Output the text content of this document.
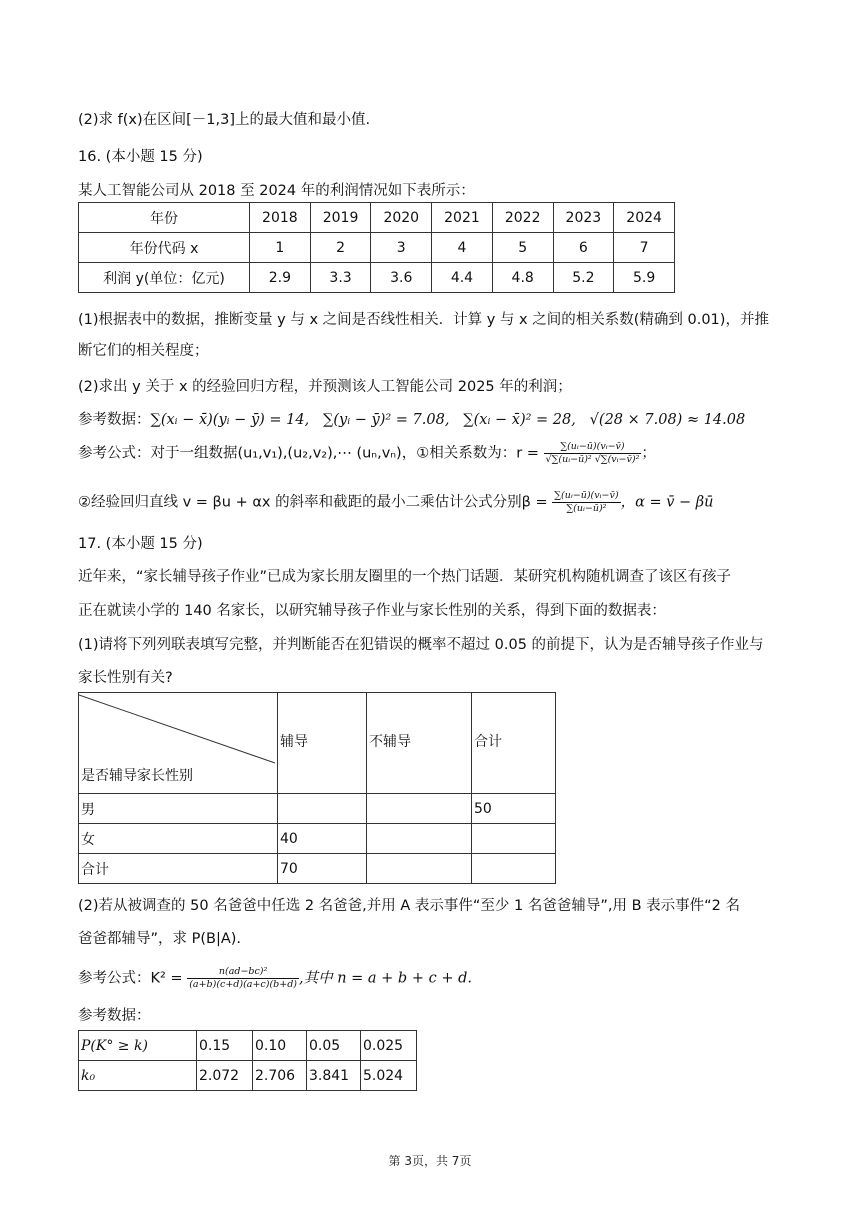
(2)求 f(x)在区间[－1,3]上的最大值和最小值.
16. (本小题 15 分)
某人工智能公司从 2018 至 2024 年的利润情况如下表所示：
年份	2018	2019	2020	2021	2022	2023	2024
年份代码 x	1	2	3	4	5	6	7
利润 y(单位：亿元)	2.9	3.3	3.6	4.4	4.8	5.2	5.9
(1)根据表中的数据，推断变量 y 与 x 之间是否线性相关．计算 y 与 x 之间的相关系数(精确到 0.01)，并推
断它们的相关程度；
(2)求出 y 关于 x 的经验回归方程，并预测该人工智能公司 2025 年的利润；
参考数据：∑(xᵢ − x̄)(yᵢ − ȳ) = 14, ∑(yᵢ − ȳ)² = 7.08, ∑(xᵢ − x̄)² = 28, √(28 × 7.08) ≈ 14.08
参考公式：对于一组数据(u₁,v₁),(u₂,v₂),⋯ (uₙ,vₙ)，①相关系数为：$r = \frac{\text{∑(uᵢ−ū)(vᵢ−v̄)}}{\text{√∑(uᵢ−ū)² √∑(vᵢ−v̄)²}}$ ；
②经验回归直线 v = βu + αx 的斜率和截距的最小二乘估计公式分别$\beta = \frac{\text{∑(uᵢ−ū)(vᵢ−v̄)}}{\text{∑(uᵢ−ū)²}}$ ，α = v̄ − βū
17. (本小题 15 分)
近年来，“家长辅导孩子作业”已成为家长朋友圈里的一个热门话题．某研究机构随机调查了该区有孩子
正在就读小学的 140 名家长，以研究辅导孩子作业与家长性别的关系，得到下面的数据表：
(1)请将下列列联表填写完整，并判断能否在犯错误的概率不超过 0.05 的前提下，认为是否辅导孩子作业与
家长性别有关?
是否辅导家长性别	辅导	不辅导	合计
男			50
女	40		
合计	70		
(2)若从被调查的 50 名爸爸中任选 2 名爸爸,并用 A 表示事件“至少 1 名爸爸辅导”,用 B 表示事件“2 名
爸爸都辅导”，求 P(B|A).
参考公式：$K^2 = \frac{\text{n(ad−bc)²}}{(a+b)(c+d)(a+c)(b+d)}$ ,其中 n = a + b + c + d.
参考数据：
P(K° ≥ k)	0.15	0.10	0.05	0.025
k₀	2.072	2.706	3.841	5.024
第 3页，共 7页
